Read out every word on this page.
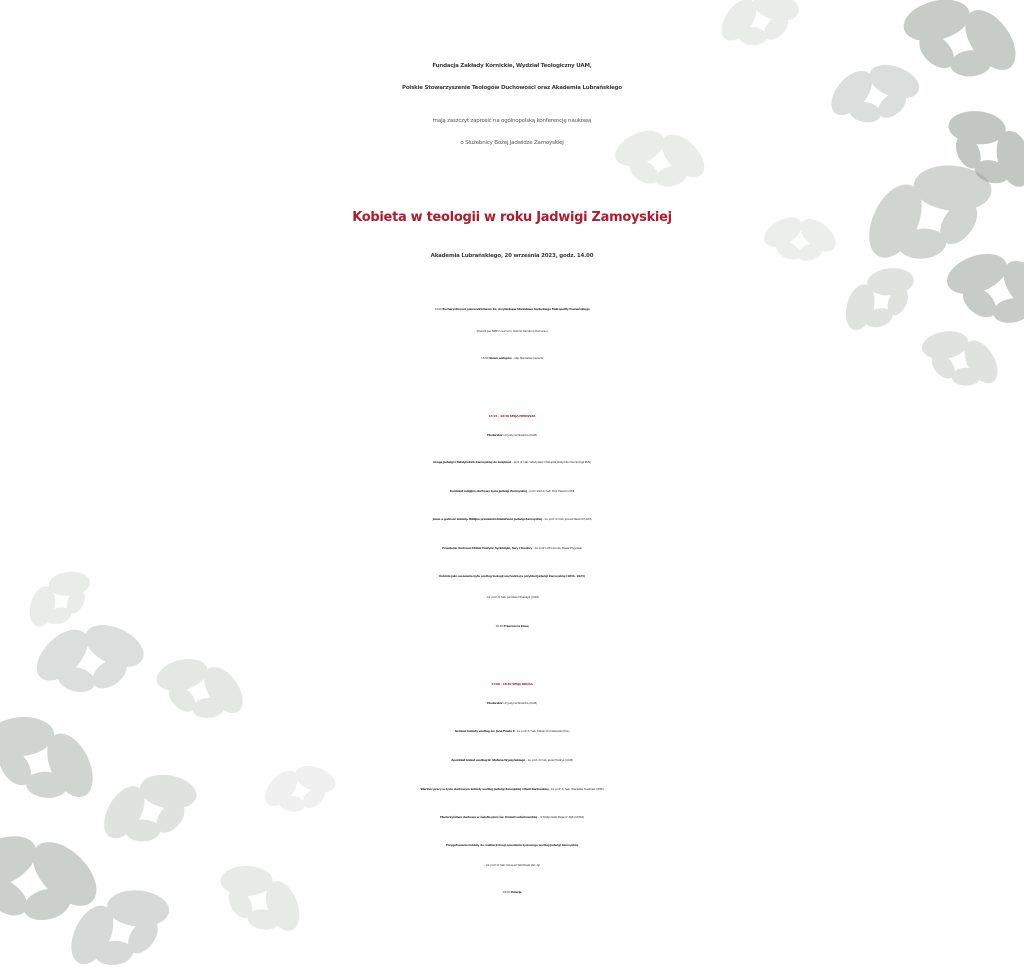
Fundacja Zakłady Kórnickie, Wydział Teologiczny UAM,
Polskie Stowarzyszenie Teologów Duchowości oraz Akademia Lubrańskiego
mają zaszczyt zaprosić na ogólnopolską konferencję naukową
o Służebnicy Bożej Jadwidze Zamoyskiej
Kobieta w teologii w roku Jadwigi Zamoyskiej
Akademia Lubrańskiego, 20 września 2023, godz. 14.00
14.00 Eucharystia pod przewodnictwem Ks. Arcybiskupa Stanisława Gądeckiego Metropolity Poznańskiego
(Kościół pw. NMP in Summo, Ostrów Tumski w Poznaniu)
15:00 Słowo wstępne – abp Stanisław Gądecki
15:15 – 16:30 SESJA PIERWSZA
Moderator: dr Justyna Nowicka (UAM)
Droga Jadwigi z Działyńskich Zamoyskiej do świętości – prof. dr hab. Władysław Chałupka (Instytutu Dendrologii PAN)
Kontekst religijno-duchowy życia Jadwigi Zamoyskiej – prof. UAM dr hab. Piotr Piasecki OMI
Jezus a godność kobiety. Biblijne przesłanki działalności Jadwigi Zamoyskiej – ks. prof. dr hab. Janusz Nawrot (UAM)
Przesłanie duchowe Matek Pustyni: Synkletyki, Sary i Teodory – ks. prof. UAM dr hab. Paweł Wygralak
Kobieta jako wezwanie bytu według teologii wschodniej a przykład Jadwigi Zamoyskiej (1831- 1923)
– ks. prof. dr hab. Jarosław Moskałyk (UAM)
16:30 Przerwa na kawę
17:00 – 18:30 SESJA DRUGA
Moderator: dr Justyna Nowicka (UAM)
Geniusz kobiety według św. Jana Pawła II – ks. prof. dr hab. Marek Chmielewski (KUL)
Apostolat kobiet według bł. Stefana Wyszyńskiego – ks. prof. dr hab. Jacek Hadryś (UAM)
Wartość pracy w życiu duchowym kobiety według Jadwigi Zamojskiej i Marii Karłowskiej – ks. prof. dr hab. Stanisław Suwiński (UMK)
Macierzyństwo duchowe w świetle pism św. Urszuli Ledóchowskiej – dr Małgorzata Pagacz USJK (UKSW)
Przygotowanie kobiety do realizacji drogi powołania życiowego według Jadwigi Zamoyskiej
– ks. prof. dr hab. Ireneusz Werbiński (AK, AJ)
18:30 Kolacja
